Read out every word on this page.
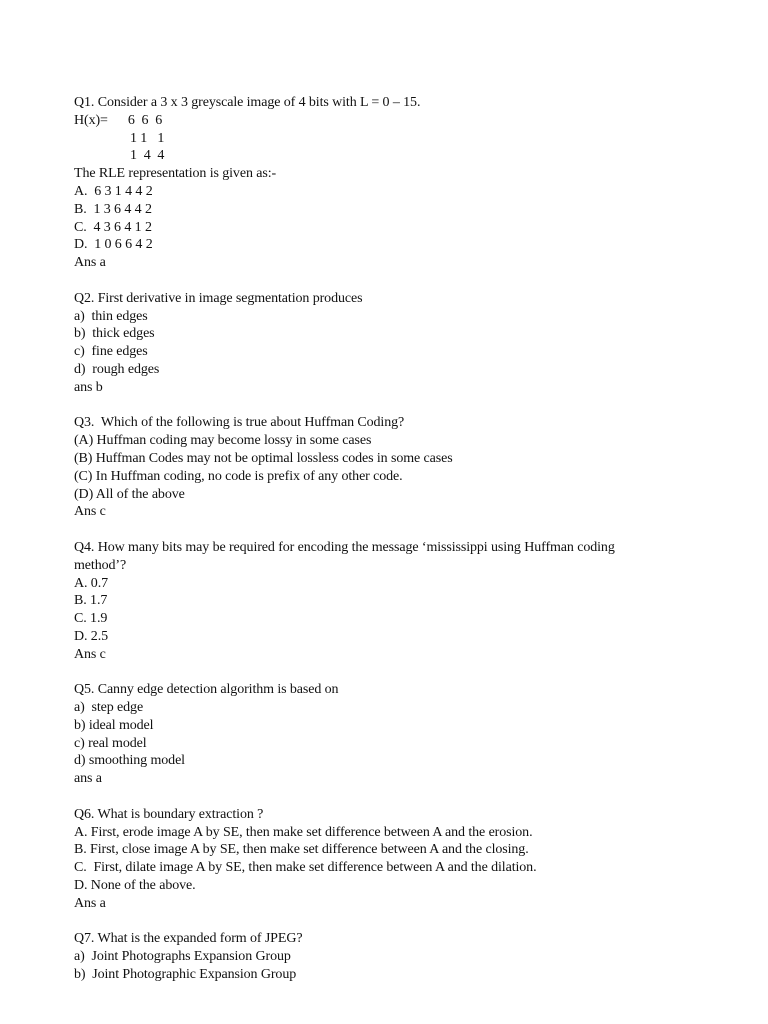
Q1. Consider a 3 x 3 greyscale image of 4 bits with L = 0 – 15.
H(x)= 6  6  6
1 1   1
1  4  4
The RLE representation is given as:-
A.  6 3 1 4 4 2
B.  1 3 6 4 4 2
C.  4 3 6 4 1 2
D.  1 0 6 6 4 2
Ans a
Q2. First derivative in image segmentation produces
a)  thin edges
b)  thick edges
c)  fine edges
d)  rough edges
ans b
Q3.  Which of the following is true about Huffman Coding?
(A) Huffman coding may become lossy in some cases
(B) Huffman Codes may not be optimal lossless codes in some cases
(C) In Huffman coding, no code is prefix of any other code.
(D) All of the above
Ans c
Q4. How many bits may be required for encoding the message ‘mississippi using Huffman coding
method’?
A. 0.7
B. 1.7
C. 1.9
D. 2.5
Ans c
Q5. Canny edge detection algorithm is based on
a)  step edge
b) ideal model
c) real model
d) smoothing model
ans a
Q6. What is boundary extraction ?
A. First, erode image A by SE, then make set difference between A and the erosion.
B. First, close image A by SE, then make set difference between A and the closing.
C.  First, dilate image A by SE, then make set difference between A and the dilation.
D. None of the above.
Ans a
Q7. What is the expanded form of JPEG?
a)  Joint Photographs Expansion Group
b)  Joint Photographic Expansion Group
